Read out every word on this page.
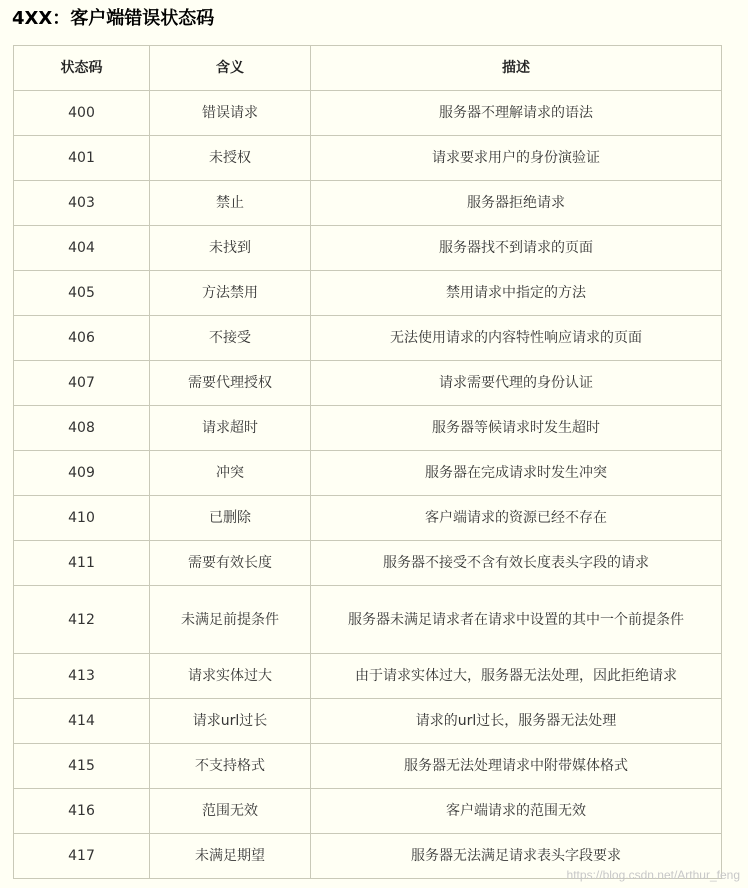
4XX：客户端错误状态码
状态码	含义	描述
400	错误请求	服务器不理解请求的语法
401	未授权	请求要求用户的身份演验证
403	禁止	服务器拒绝请求
404	未找到	服务器找不到请求的页面
405	方法禁用	禁用请求中指定的方法
406	不接受	无法使用请求的内容特性响应请求的页面
407	需要代理授权	请求需要代理的身份认证
408	请求超时	服务器等候请求时发生超时
409	冲突	服务器在完成请求时发生冲突
410	已删除	客户端请求的资源已经不存在
411	需要有效长度	服务器不接受不含有效长度表头字段的请求
412	未满足前提条件	服务器未满足请求者在请求中设置的其中一个前提条件
413	请求实体过大	由于请求实体过大，服务器无法处理，因此拒绝请求
414	请求url过长	请求的url过长，服务器无法处理
415	不支持格式	服务器无法处理请求中附带媒体格式
416	范围无效	客户端请求的范围无效
417	未满足期望	服务器无法满足请求表头字段要求
https://blog.csdn.net/Arthur_feng
